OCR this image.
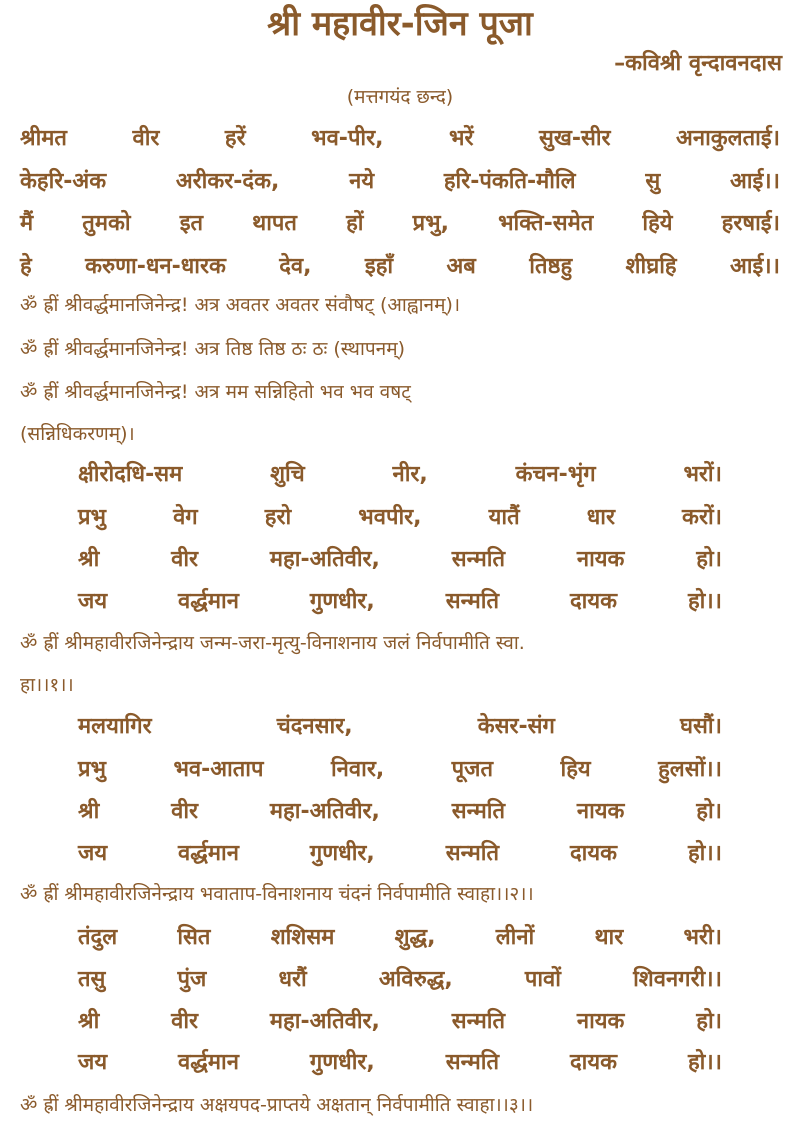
श्री महावीर-जिन पूजा
–कविश्री वृन्दावनदास
(मत्तगयंद छन्द)
श्रीमत	वीर	हरें	भव-पीर,	भरें	सुख-सीर	अनाकुलताई।
केहरि-अंक	अरीकर-दंक,	नये	हरि-पंकति-मौलि	सु	आई।।
मैं तुमको इत थापत हों प्रभु, भक्ति-समेत हिये हरषाई।
हे करुणा-धन-धारक देव, इहाँ अब तिष्ठहु शीघ्रहि आई।।
ॐ ह्रीं श्रीवर्द्धमानजिनेन्द्र! अत्र अवतर अवतर संवौषट् (आह्वानम्)।
ॐ ह्रीं श्रीवर्द्धमानजिनेन्द्र! अत्र तिष्ठ तिष्ठ ठः ठः (स्थापनम्)
ॐ ह्रीं श्रीवर्द्धमानजिनेन्द्र! अत्र मम सन्निहितो भव भव वषट्
(सन्निधिकरणम्)।
क्षीरोदधि-सम	शुचि	नीर,	कंचन-भृंग	भरों।
प्रभु	वेग	हरो	भवपीर,	यातैं	धार	करों।
श्री	वीर	महा-अतिवीर,	सन्मति	नायक	हो।
जय	वर्द्धमान	गुणधीर,	सन्मति	दायक	हो।।
ॐ ह्रीं श्रीमहावीरजिनेन्द्राय जन्म-जरा-मृत्यु-विनाशनाय जलं निर्वपामीति स्वा.
हा।।१।।
मलयागिर	चंदनसार,	केसर-संग	घसौं।
प्रभु	भव-आताप	निवार,	पूजत	हिय	हुलसों।।
श्री	वीर	महा-अतिवीर,	सन्मति	नायक	हो।
जय	वर्द्धमान	गुणधीर,	सन्मति	दायक	हो।।
ॐ ह्रीं श्रीमहावीरजिनेन्द्राय भवाताप-विनाशनाय चंदनं निर्वपामीति स्वाहा।।२।।
तंदुल	सित	शशिसम	शुद्ध,	लीनों	थार	भरी।
तसु	पुंज	धरौं	अविरुद्ध,	पावों	शिवनगरी।।
श्री	वीर	महा-अतिवीर,	सन्मति	नायक	हो।
जय	वर्द्धमान	गुणधीर,	सन्मति	दायक	हो।।
ॐ ह्रीं श्रीमहावीरजिनेन्द्राय अक्षयपद-प्राप्तये अक्षतान् निर्वपामीति स्वाहा।।३।।
